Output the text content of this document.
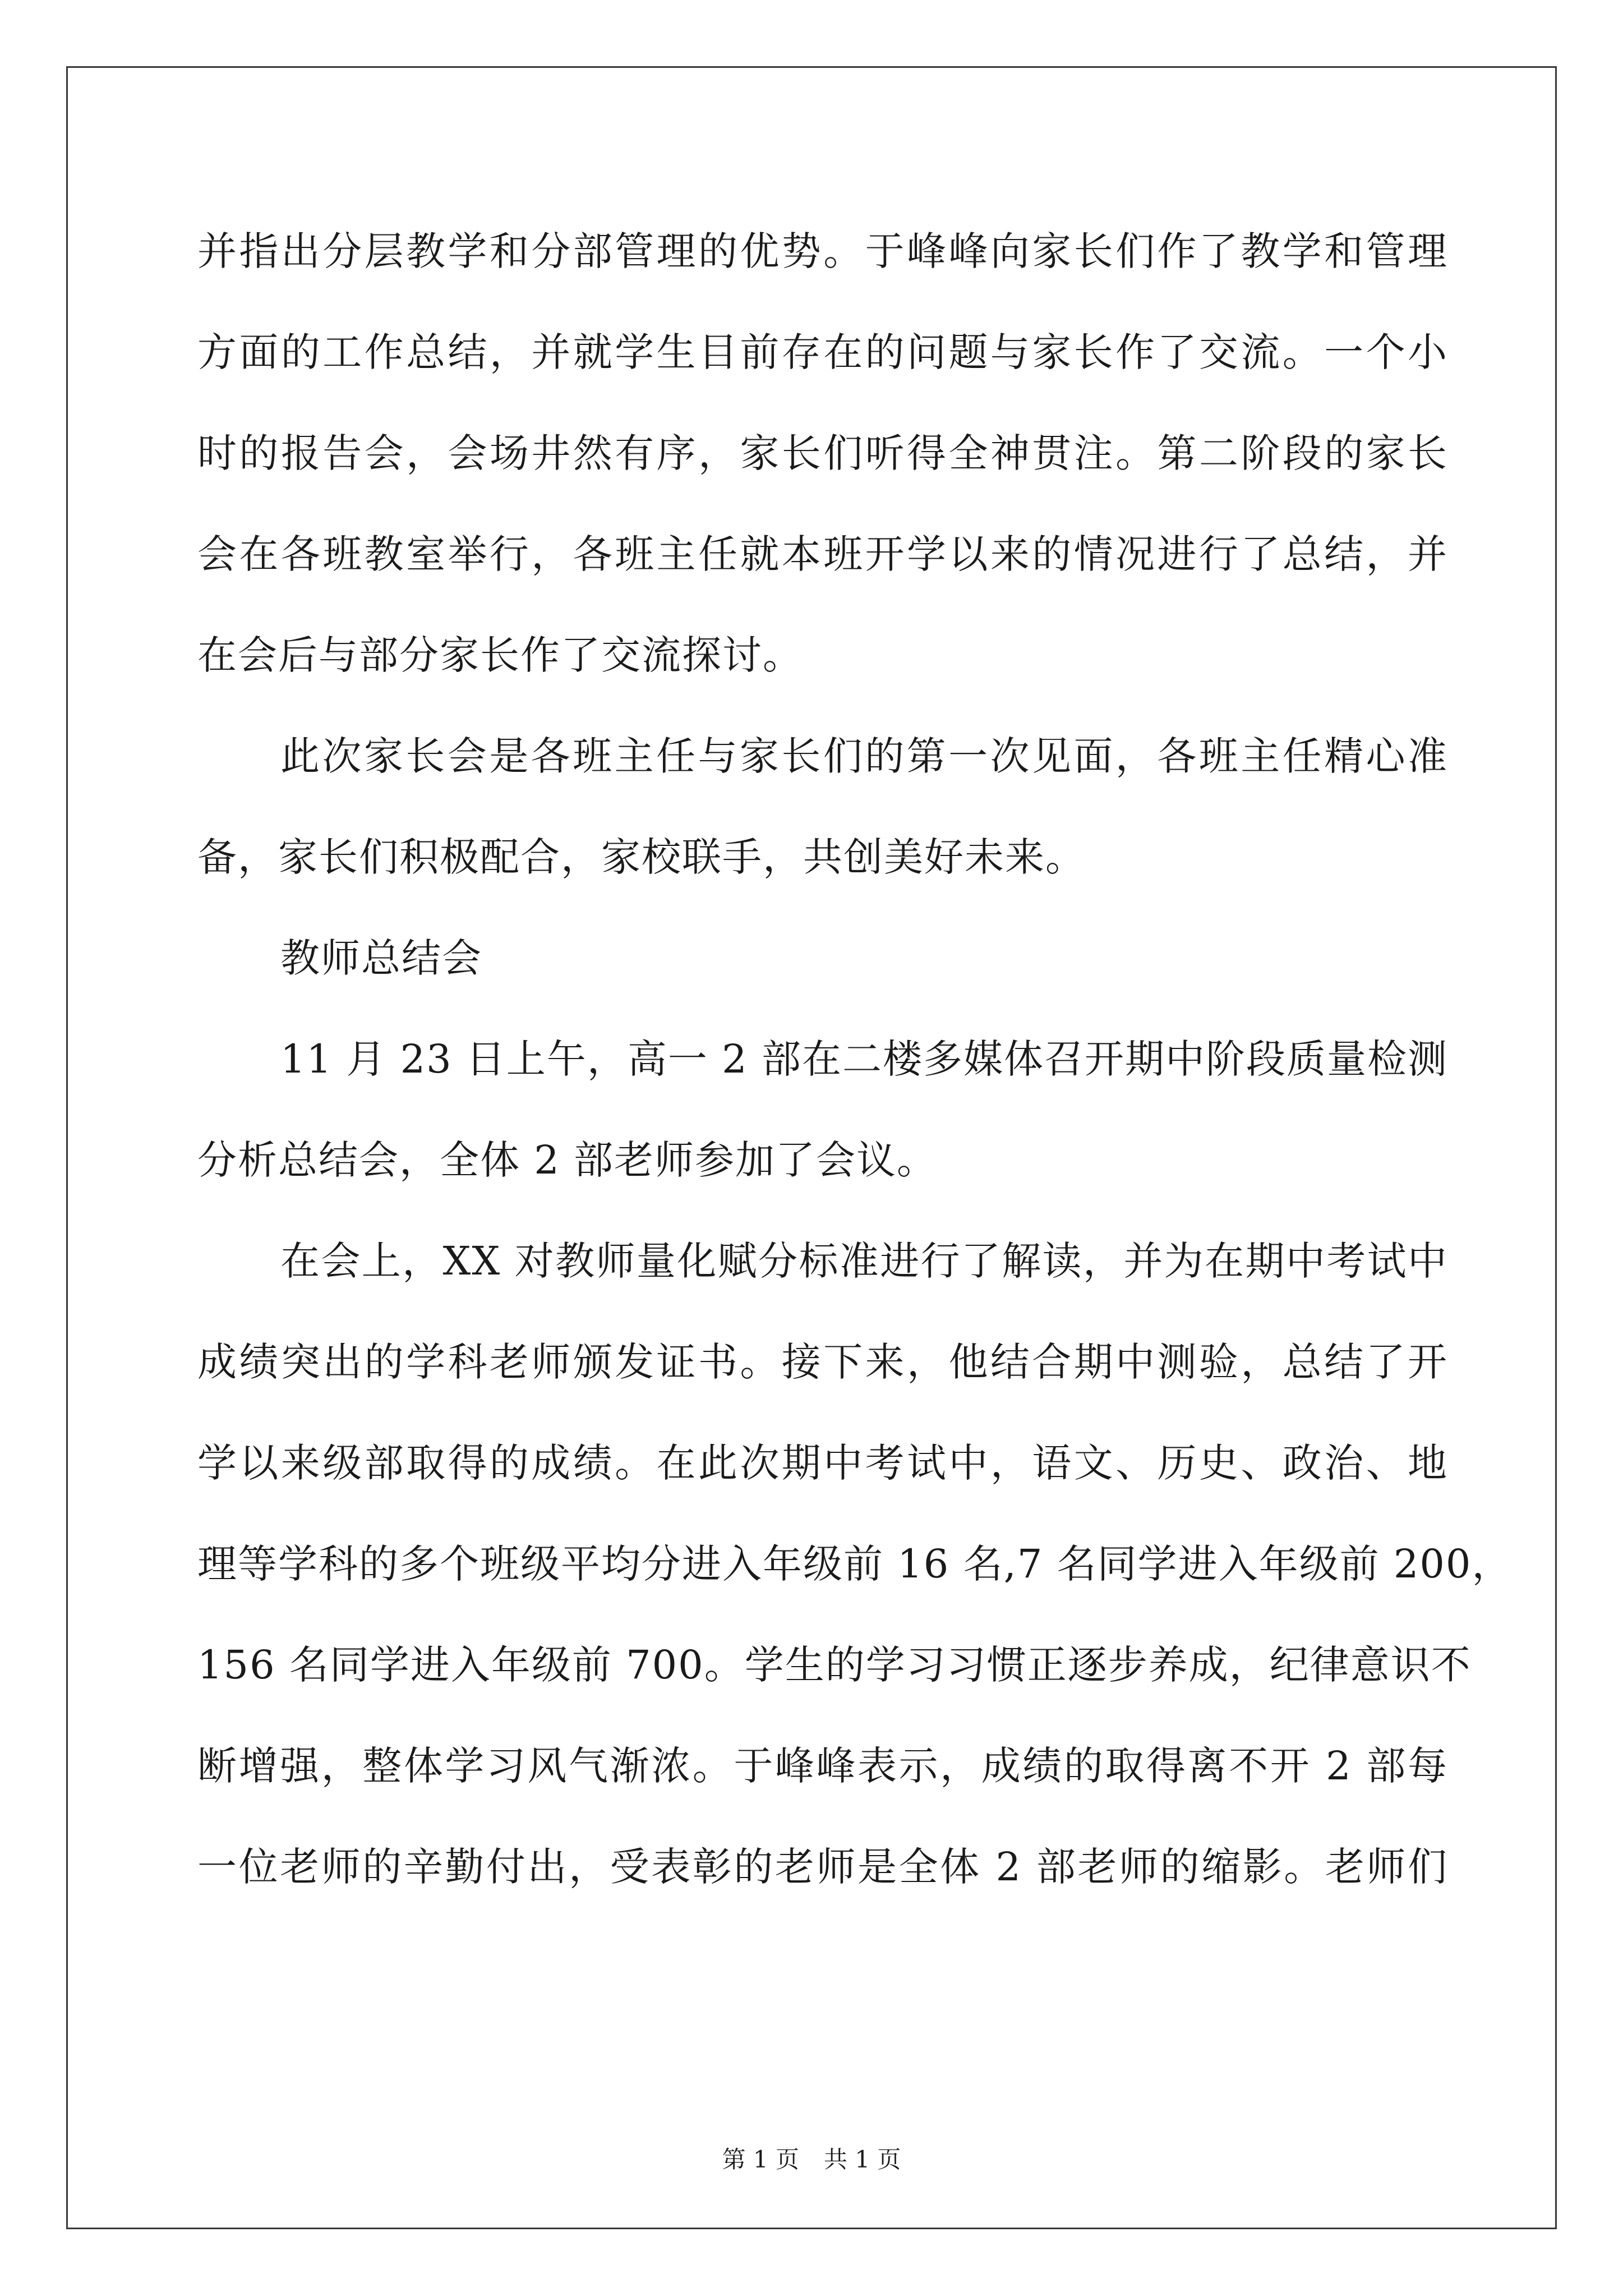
并指出分层教学和分部管理的优势。于峰峰向家长们作了教学和管理
方面的工作总结，并就学生目前存在的问题与家长作了交流。一个小
时的报告会，会场井然有序，家长们听得全神贯注。第二阶段的家长
会在各班教室举行，各班主任就本班开学以来的情况进行了总结，并
在会后与部分家长作了交流探讨。
此次家长会是各班主任与家长们的第一次见面，各班主任精心准
备，家长们积极配合，家校联手，共创美好未来。
教师总结会
11 月 23 日上午，高一 2 部在二楼多媒体召开期中阶段质量检测
分析总结会，全体 2 部老师参加了会议。
在会上，XX 对教师量化赋分标准进行了解读，并为在期中考试中
成绩突出的学科老师颁发证书。接下来，他结合期中测验，总结了开
学以来级部取得的成绩。在此次期中考试中，语文、历史、政治、地
理等学科的多个班级平均分进入年级前 16 名,7 名同学进入年级前 200，
156 名同学进入年级前 700。学生的学习习惯正逐步养成，纪律意识不
断增强，整体学习风气渐浓。于峰峰表示，成绩的取得离不开 2 部每
一位老师的辛勤付出，受表彰的老师是全体 2 部老师的缩影。老师们
第 1 页 共 1 页
